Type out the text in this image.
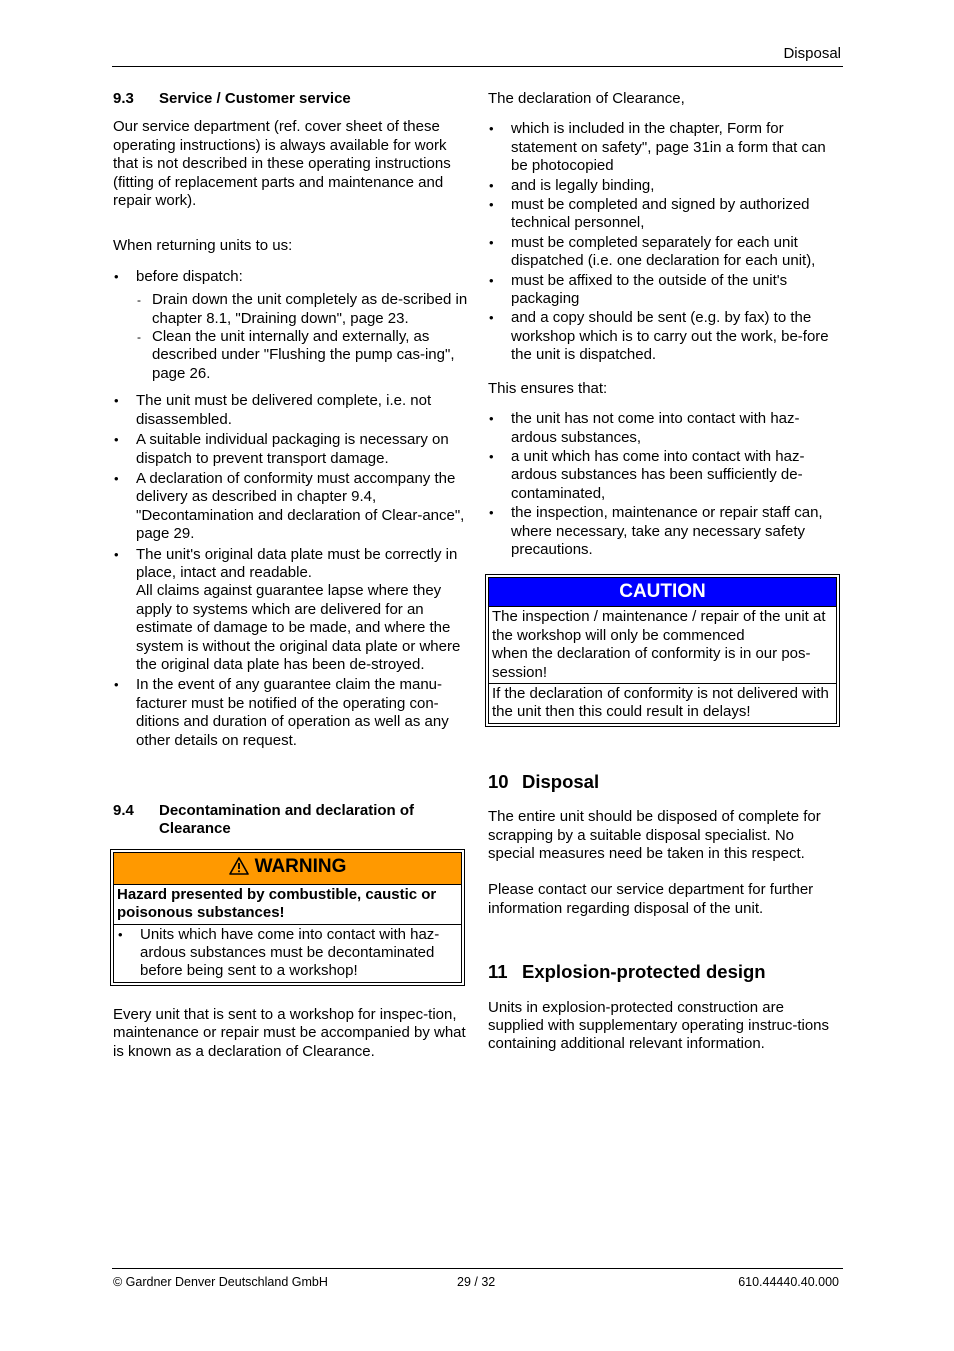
Disposal
9.3	Service / Customer service

Our service department (ref. cover sheet of these operating instructions) is always available for work that is not described in these operating instructions (fitting of replacement parts and maintenance and repair work).

When returning units to us:

• before dispatch:
- Drain down the unit completely as de-scribed in chapter 8.1, "Draining down", page 23.
- Clean the unit internally and externally, as described under "Flushing the pump cas-ing", page 26.
• The unit must be delivered complete, i.e. not disassembled.
• A suitable individual packaging is necessary on dispatch to prevent transport damage.
• A declaration of conformity must accompany the delivery as described in chapter 9.4, "Decontamination and declaration of Clear-ance", page 29.
• The unit's original data plate must be correctly in place, intact and readable.
All claims against guarantee lapse where they apply to systems which are delivered for an estimate of damage to be made, and where the system is without the original data plate or where the original data plate has been de-stroyed.
• In the event of any guarantee claim the manu-facturer must be notified of the operating con-ditions and duration of operation as well as any other details on request.
9.4	Decontamination and declaration of Clearance
WARNING
Hazard presented by combustible, caustic or poisonous substances!
• Units which have come into contact with haz-ardous substances must be decontaminated before being sent to a workshop!

Every unit that is sent to a workshop for inspec-tion, maintenance or repair must be accompanied by what is known as a declaration of Clearance.

The declaration of Clearance,

• which is included in the chapter, Form for statement on safety", page 31in a form that can be photocopied
• and is legally binding,
• must be completed and signed by authorized technical personnel,
• must be completed separately for each unit dispatched (i.e. one declaration for each unit),
• must be affixed to the outside of the unit's packaging
• and a copy should be sent (e.g. by fax) to the workshop which is to carry out the work, be-fore the unit is dispatched.

This ensures that:

• the unit has not come into contact with haz-ardous substances,
• a unit which has come into contact with haz-ardous substances has been sufficiently de-contaminated,
• the inspection, maintenance or repair staff can, where necessary, take any necessary safety precautions.
CAUTION
The inspection / maintenance / repair of the unit at the workshop will only be commenced
when the declaration of conformity is in our pos-session!
If the declaration of conformity is not delivered with the unit then this could result in delays!
10 Disposal

The entire unit should be disposed of complete for scrapping by a suitable disposal specialist. No special measures need be taken in this respect.

Please contact our service department for further information regarding disposal of the unit.

11 Explosion-protected design

Units in explosion-protected construction are supplied with supplementary operating instruc-tions containing additional relevant information.

© Gardner Denver Deutschland GmbH	29 / 32	610.44440.40.000
